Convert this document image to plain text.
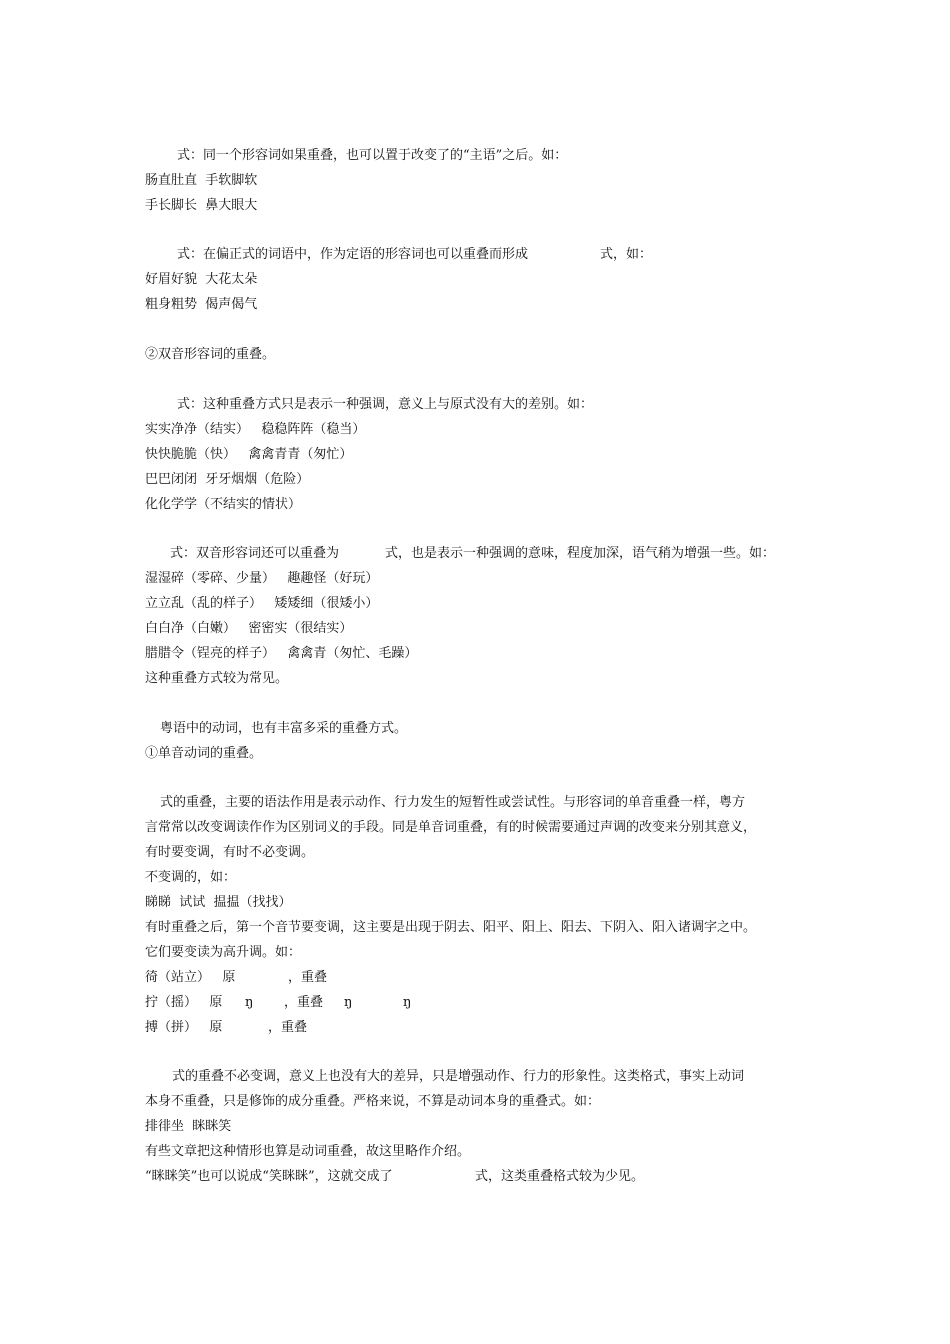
式：同一个形容词如果重叠，也可以置于改变了的“主语”之后。如：
肠直肚直  手软脚软
手长脚长  鼻大眼大
式：在偏正式的词语中，作为定语的形容词也可以重叠而形成	式，如：
好眉好貌  大花太朵
粗身粗势  偈声偈气
②双音形容词的重叠。
式：这种重叠方式只是表示一种强调，意义上与原式没有大的差别。如：
实实净净（结实）   稳稳阵阵（稳当）
快快脆脆（快）   禽禽青青（匆忙）
巴巴闭闭  牙牙烟烟（危险）
化化学学（不结实的情状）
式：双音形容词还可以重叠为	式，也是表示一种强调的意味，程度加深，语气稍为增强一些。如：
湿湿碎（零碎、少量）   趣趣怪（好玩）
立立乱（乱的样子）   矮矮细（很矮小）
白白净（白嫩）   密密实（很结实）
腊腊令（锃亮的样子）   禽禽青（匆忙、毛躁）
这种重叠方式较为常见。
粤语中的动词，也有丰富多采的重叠方式。
①单音动词的重叠。
式的重叠，主要的语法作用是表示动作、行力发生的短暂性或尝试性。与形容词的单音重叠一样，粤方
言常常以改变调读作作为区别词义的手段。同是单音词重叠，有的时候需要通过声调的改变来分别其意义，
有时要变调，有时不必变调。
不变调的，如：
睇睇  试试  揾揾（找找）
有时重叠之后，第一个音节要变调，这主要是出现于阴去、阳平、阳上、阳去、下阴入、阳入诸调字之中。
它们要变读为高升调。如：
徛（站立）   原	，重叠
拧（摇）   原 ŋ ，重叠 ŋ	ŋ
搏（拼）   原	，重叠
式的重叠不必变调，意义上也没有大的差异，只是增强动作、行力的形象性。这类格式，事实上动词
本身不重叠，只是修饰的成分重叠。严格来说，不算是动词本身的重叠式。如：
排徘坐  眯眯笑
有些文章把这种情形也算是动词重叠，故这里略作介绍。
“眯眯笑”也可以说成“笑眯眯”，这就交成了	式，这类重叠格式较为少见。
